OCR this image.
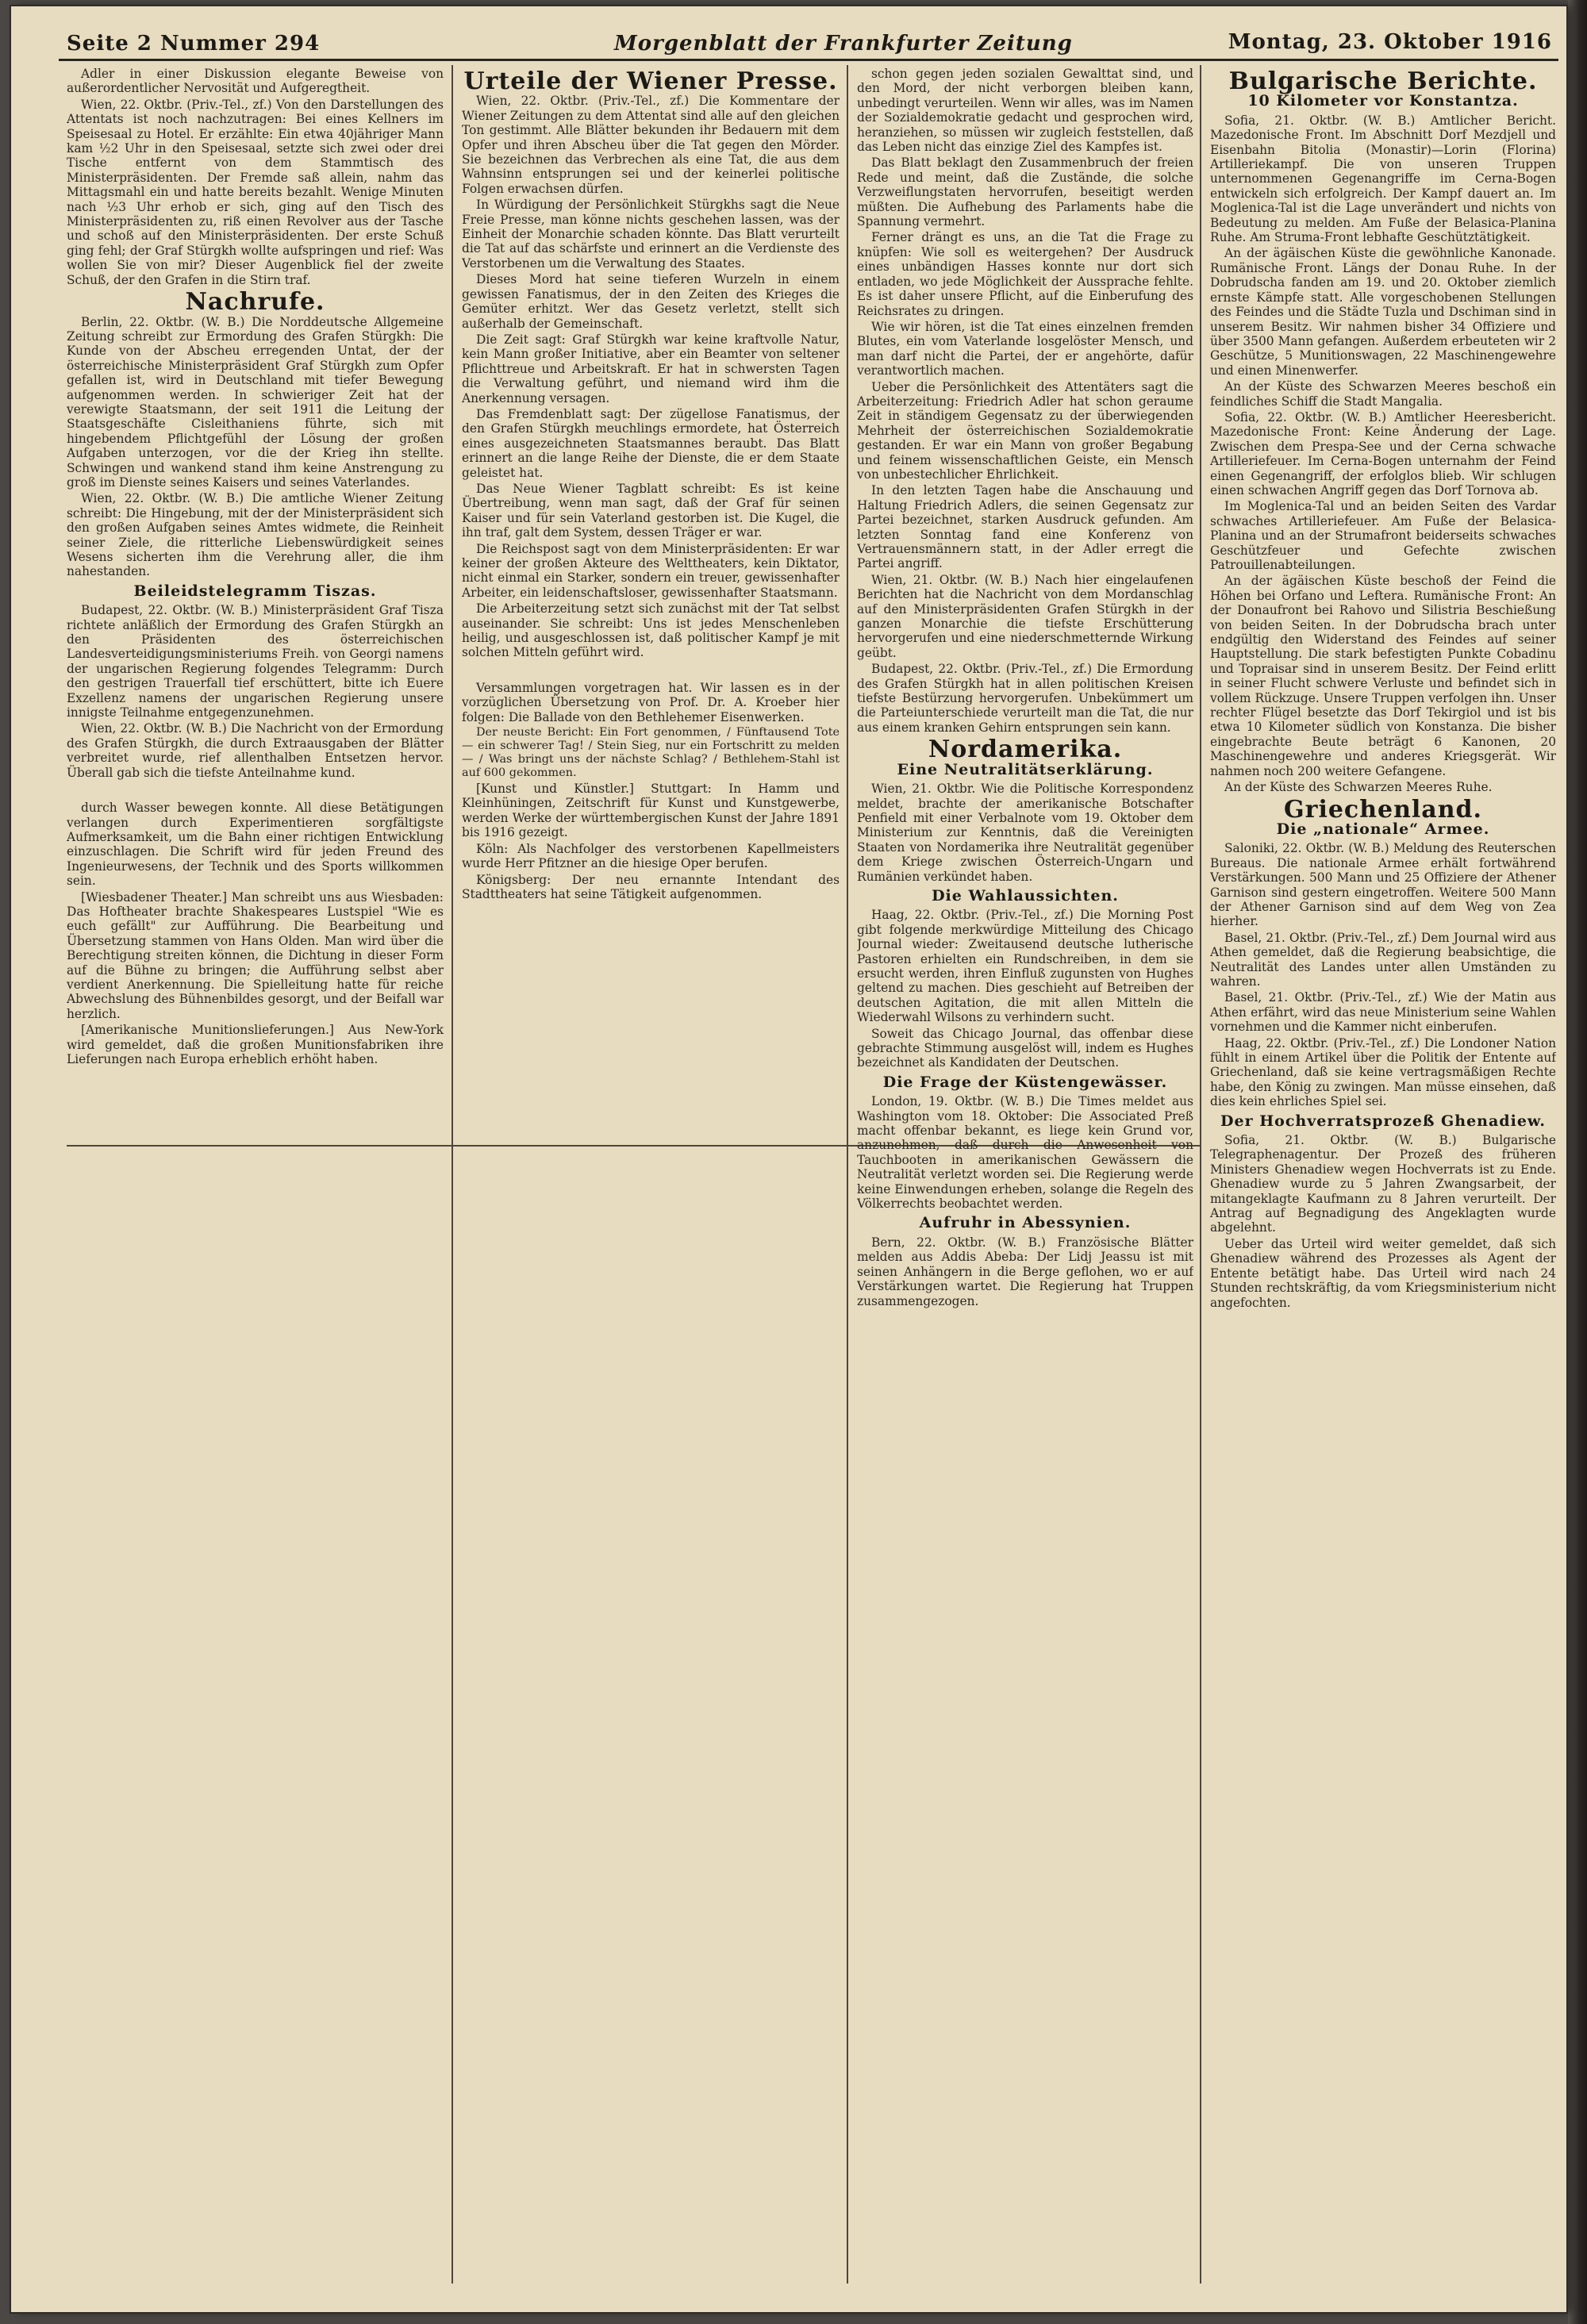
Seite 2 Nummer 294	Morgenblatt der Frankfurter Zeitung	Montag, 23. Oktober 1916

Adler in einer Diskussion elegante Beweise von außerordentlicher Nervosität und Aufgeregtheit.

Wien, 22. Oktbr. (Priv.-Tel., zf.) Von den Darstellungen des Attentats ist noch nachzutragen: Bei eines Kellners im Speisesaal zu Hotel. Er erzählte: Ein etwa 40jähriger Mann kam ½2 Uhr in den Speisesaal, setzte sich zwei oder drei Tische entfernt von dem Stammtisch des Ministerpräsidenten. Der Fremde saß allein, nahm das Mittagsmahl ein und hatte bereits bezahlt. Wenige Minuten nach ½3 Uhr erhob er sich, ging auf den Tisch des Ministerpräsidenten zu, riß einen Revolver aus der Tasche und schoß auf den Ministerpräsidenten. Der erste Schuß ging fehl; der Graf Stürgkh wollte aufspringen und rief: Was wollen Sie von mir? Dieser Augenblick fiel der zweite Schuß, der den Grafen in die Stirn traf.

Nachrufe.

Berlin, 22. Oktbr. (W. B.) Die Norddeutsche Allgemeine Zeitung schreibt zur Ermordung des Grafen Stürgkh: Die Kunde von der Abscheu erregenden Untat, der der österreichische Ministerpräsident Graf Stürgkh zum Opfer gefallen ist, wird in Deutschland mit tiefer Bewegung aufgenommen werden. In schwieriger Zeit hat der verewigte Staatsmann, der seit 1911 die Leitung der Staatsgeschäfte Cisleithaniens führte, sich mit hingebendem Pflichtgefühl der Lösung der großen Aufgaben unterzogen, vor die der Krieg ihn stellte. Schwingen und wankend stand ihm keine Anstrengung zu groß im Dienste seines Kaisers und seines Vaterlandes.

Wien, 22. Oktbr. (W. B.) Die amtliche Wiener Zeitung schreibt: Die Hingebung, mit der der Ministerpräsident sich den großen Aufgaben seines Amtes widmete, die Reinheit seiner Ziele, die ritterliche Liebenswürdigkeit seines Wesens sicherten ihm die Verehrung aller, die ihm nahestanden.

Beileidstelegramm Tiszas.

Budapest, 22. Oktbr. (W. B.) Ministerpräsident Graf Tisza richtete anläßlich der Ermordung des Grafen Stürgkh an den Präsidenten des österreichischen Landesverteidigungsministeriums Freih. von Georgi namens der ungarischen Regierung folgendes Telegramm: Durch den gestrigen Trauerfall tief erschüttert, bitte ich Euere Exzellenz namens der ungarischen Regierung unsere innigste Teilnahme entgegenzunehmen.

Wien, 22. Oktbr. (W. B.) Die Nachricht von der Ermordung des Grafen Stürgkh, die durch Extraausgaben der Blätter verbreitet wurde, rief allenthalben Entsetzen hervor. Überall gab sich die tiefste Anteilnahme kund.

durch Wasser bewegen konnte. All diese Betätigungen verlangen durch Experimentieren sorgfältigste Aufmerksamkeit, um die Bahn einer richtigen Entwicklung einzuschlagen. Die Schrift wird für jeden Freund des Ingenieurwesens, der Technik und des Sports willkommen sein.

[Wiesbadener Theater.] Man schreibt uns aus Wiesbaden: Das Hoftheater brachte Shakespeares Lustspiel "Wie es euch gefällt" zur Aufführung. Die Bearbeitung und Übersetzung stammen von Hans Olden. Man wird über die Berechtigung streiten können, die Dichtung in dieser Form auf die Bühne zu bringen; die Aufführung selbst aber verdient Anerkennung. Die Spielleitung hatte für reiche Abwechslung des Bühnenbildes gesorgt, und der Beifall war herzlich.

[Amerikanische Munitionslieferungen.] Aus New-York wird gemeldet, daß die großen Munitionsfabriken ihre Lieferungen nach Europa erheblich erhöht haben.

Urteile der Wiener Presse.

Wien, 22. Oktbr. (Priv.-Tel., zf.) Die Kommentare der Wiener Zeitungen zu dem Attentat sind alle auf den gleichen Ton gestimmt. Alle Blätter bekunden ihr Bedauern mit dem Opfer und ihren Abscheu über die Tat gegen den Mörder. Sie bezeichnen das Verbrechen als eine Tat, die aus dem Wahnsinn entsprungen sei und der keinerlei politische Folgen erwachsen dürfen.

In Würdigung der Persönlichkeit Stürgkhs sagt die Neue Freie Presse, man könne nichts geschehen lassen, was der Einheit der Monarchie schaden könnte. Das Blatt verurteilt die Tat auf das schärfste und erinnert an die Verdienste des Verstorbenen um die Verwaltung des Staates.

Dieses Mord hat seine tieferen Wurzeln in einem gewissen Fanatismus, der in den Zeiten des Krieges die Gemüter erhitzt. Wer das Gesetz verletzt, stellt sich außerhalb der Gemeinschaft.

Die Zeit sagt: Graf Stürgkh war keine kraftvolle Natur, kein Mann großer Initiative, aber ein Beamter von seltener Pflichttreue und Arbeitskraft. Er hat in schwersten Tagen die Verwaltung geführt, und niemand wird ihm die Anerkennung versagen.

Das Fremdenblatt sagt: Der zügellose Fanatismus, der den Grafen Stürgkh meuchlings ermordete, hat Österreich eines ausgezeichneten Staatsmannes beraubt. Das Blatt erinnert an die lange Reihe der Dienste, die er dem Staate geleistet hat.

Das Neue Wiener Tagblatt schreibt: Es ist keine Übertreibung, wenn man sagt, daß der Graf für seinen Kaiser und für sein Vaterland gestorben ist. Die Kugel, die ihn traf, galt dem System, dessen Träger er war.

Die Reichspost sagt von dem Ministerpräsidenten: Er war keiner der großen Akteure des Welttheaters, kein Diktator, nicht einmal ein Starker, sondern ein treuer, gewissenhafter Arbeiter, ein leidenschaftsloser, gewissenhafter Staatsmann.

Die Arbeiterzeitung setzt sich zunächst mit der Tat selbst auseinander. Sie schreibt: Uns ist jedes Menschenleben heilig, und ausgeschlossen ist, daß politischer Kampf je mit solchen Mitteln geführt wird.

Versammlungen vorgetragen hat. Wir lassen es in der vorzüglichen Übersetzung von Prof. Dr. A. Kroeber hier folgen: Die Ballade von den Bethlehemer Eisenwerken.

Der neuste Bericht: Ein Fort genommen, / Fünftausend Tote — ein schwerer Tag! / Stein Sieg, nur ein Fortschritt zu melden — / Was bringt uns der nächste Schlag? / Bethlehem-Stahl ist auf 600 gekommen.

[Kunst und Künstler.] Stuttgart: In Hamm und Kleinhüningen, Zeitschrift für Kunst und Kunstgewerbe, werden Werke der württembergischen Kunst der Jahre 1891 bis 1916 gezeigt.

Köln: Als Nachfolger des verstorbenen Kapellmeisters wurde Herr Pfitzner an die hiesige Oper berufen.

Königsberg: Der neu ernannte Intendant des Stadttheaters hat seine Tätigkeit aufgenommen.

schon gegen jeden sozialen Gewalttat sind, und den Mord, der nicht verborgen bleiben kann, unbedingt verurteilen. Wenn wir alles, was im Namen der Sozialdemokratie gedacht und gesprochen wird, heranziehen, so müssen wir zugleich feststellen, daß das Leben nicht das einzige Ziel des Kampfes ist.

Das Blatt beklagt den Zusammenbruch der freien Rede und meint, daß die Zustände, die solche Verzweiflungstaten hervorrufen, beseitigt werden müßten. Die Aufhebung des Parlaments habe die Spannung vermehrt.

Ferner drängt es uns, an die Tat die Frage zu knüpfen: Wie soll es weitergehen? Der Ausdruck eines unbändigen Hasses konnte nur dort sich entladen, wo jede Möglichkeit der Aussprache fehlte. Es ist daher unsere Pflicht, auf die Einberufung des Reichsrates zu dringen.

Wie wir hören, ist die Tat eines einzelnen fremden Blutes, ein vom Vaterlande losgelöster Mensch, und man darf nicht die Partei, der er angehörte, dafür verantwortlich machen.

Ueber die Persönlichkeit des Attentäters sagt die Arbeiterzeitung: Friedrich Adler hat schon geraume Zeit in ständigem Gegensatz zu der überwiegenden Mehrheit der österreichischen Sozialdemokratie gestanden. Er war ein Mann von großer Begabung und feinem wissenschaftlichen Geiste, ein Mensch von unbestechlicher Ehrlichkeit.

In den letzten Tagen habe die Anschauung und Haltung Friedrich Adlers, die seinen Gegensatz zur Partei bezeichnet, starken Ausdruck gefunden. Am letzten Sonntag fand eine Konferenz von Vertrauensmännern statt, in der Adler erregt die Partei angriff.

Wien, 21. Oktbr. (W. B.) Nach hier eingelaufenen Berichten hat die Nachricht von dem Mordanschlag auf den Ministerpräsidenten Grafen Stürgkh in der ganzen Monarchie die tiefste Erschütterung hervorgerufen und eine niederschmetternde Wirkung geübt.

Budapest, 22. Oktbr. (Priv.-Tel., zf.) Die Ermordung des Grafen Stürgkh hat in allen politischen Kreisen tiefste Bestürzung hervorgerufen. Unbekümmert um die Parteiunterschiede verurteilt man die Tat, die nur aus einem kranken Gehirn entsprungen sein kann.

Nordamerika.
Eine Neutralitätserklärung.

Wien, 21. Oktbr. Wie die Politische Korrespondenz meldet, brachte der amerikanische Botschafter Penfield mit einer Verbalnote vom 19. Oktober dem Ministerium zur Kenntnis, daß die Vereinigten Staaten von Nordamerika ihre Neutralität gegenüber dem Kriege zwischen Österreich-Ungarn und Rumänien verkündet haben.

Die Wahlaussichten.

Haag, 22. Oktbr. (Priv.-Tel., zf.) Die Morning Post gibt folgende merkwürdige Mitteilung des Chicago Journal wieder: Zweitausend deutsche lutherische Pastoren erhielten ein Rundschreiben, in dem sie ersucht werden, ihren Einfluß zugunsten von Hughes geltend zu machen. Dies geschieht auf Betreiben der deutschen Agitation, die mit allen Mitteln die Wiederwahl Wilsons zu verhindern sucht.

Soweit das Chicago Journal, das offenbar diese gebrachte Stimmung ausgelöst will, indem es Hughes bezeichnet als Kandidaten der Deutschen.

Die Frage der Küstengewässer.

London, 19. Oktbr. (W. B.) Die Times meldet aus Washington vom 18. Oktober: Die Associated Preß macht offenbar bekannt, es liege kein Grund vor, anzunehmen, daß durch die Anwesenheit von Tauchbooten in amerikanischen Gewässern die Neutralität verletzt worden sei. Die Regierung werde keine Einwendungen erheben, solange die Regeln des Völkerrechts beobachtet werden.

Aufruhr in Abessynien.

Bern, 22. Oktbr. (W. B.) Französische Blätter melden aus Addis Abeba: Der Lidj Jeassu ist mit seinen Anhängern in die Berge geflohen, wo er auf Verstärkungen wartet. Die Regierung hat Truppen zusammengezogen.

Bulgarische Berichte.
10 Kilometer vor Konstantza.

Sofia, 21. Oktbr. (W. B.) Amtlicher Bericht. Mazedonische Front. Im Abschnitt Dorf Mezdjell und Eisenbahn Bitolia (Monastir)—Lorin (Florina) Artilleriekampf. Die von unseren Truppen unternommenen Gegenangriffe im Cerna-Bogen entwickeln sich erfolgreich. Der Kampf dauert an. Im Moglenica-Tal ist die Lage unverändert und nichts von Bedeutung zu melden. Am Fuße der Belasica-Planina Ruhe. Am Struma-Front lebhafte Geschütztätigkeit.

An der ägäischen Küste die gewöhnliche Kanonade. Rumänische Front. Längs der Donau Ruhe. In der Dobrudscha fanden am 19. und 20. Oktober ziemlich ernste Kämpfe statt. Alle vorgeschobenen Stellungen des Feindes und die Städte Tuzla und Dschiman sind in unserem Besitz. Wir nahmen bisher 34 Offiziere und über 3500 Mann gefangen. Außerdem erbeuteten wir 2 Geschütze, 5 Munitionswagen, 22 Maschinengewehre und einen Minenwerfer.

An der Küste des Schwarzen Meeres beschoß ein feindliches Schiff die Stadt Mangalia.

Sofia, 22. Oktbr. (W. B.) Amtlicher Heeresbericht. Mazedonische Front: Keine Änderung der Lage. Zwischen dem Prespa-See und der Cerna schwache Artilleriefeuer. Im Cerna-Bogen unternahm der Feind einen Gegenangriff, der erfolglos blieb. Wir schlugen einen schwachen Angriff gegen das Dorf Tornova ab.

Im Moglenica-Tal und an beiden Seiten des Vardar schwaches Artilleriefeuer. Am Fuße der Belasica-Planina und an der Strumafront beiderseits schwaches Geschützfeuer und Gefechte zwischen Patrouillenabteilungen.

An der ägäischen Küste beschoß der Feind die Höhen bei Orfano und Leftera. Rumänische Front: An der Donaufront bei Rahovo und Silistria Beschießung von beiden Seiten. In der Dobrudscha brach unter endgültig den Widerstand des Feindes auf seiner Hauptstellung. Die stark befestigten Punkte Cobadinu und Topraisar sind in unserem Besitz. Der Feind erlitt in seiner Flucht schwere Verluste und befindet sich in vollem Rückzuge. Unsere Truppen verfolgen ihn. Unser rechter Flügel besetzte das Dorf Tekirgiol und ist bis etwa 10 Kilometer südlich von Konstanza. Die bisher eingebrachte Beute beträgt 6 Kanonen, 20 Maschinengewehre und anderes Kriegsgerät. Wir nahmen noch 200 weitere Gefangene.

An der Küste des Schwarzen Meeres Ruhe.

Griechenland.
Die „nationale“ Armee.

Saloniki, 22. Oktbr. (W. B.) Meldung des Reuterschen Bureaus. Die nationale Armee erhält fortwährend Verstärkungen. 500 Mann und 25 Offiziere der Athener Garnison sind gestern eingetroffen. Weitere 500 Mann der Athener Garnison sind auf dem Weg von Zea hierher.

Basel, 21. Oktbr. (Priv.-Tel., zf.) Dem Journal wird aus Athen gemeldet, daß die Regierung beabsichtige, die Neutralität des Landes unter allen Umständen zu wahren.

Basel, 21. Oktbr. (Priv.-Tel., zf.) Wie der Matin aus Athen erfährt, wird das neue Ministerium seine Wahlen vornehmen und die Kammer nicht einberufen.

Haag, 22. Oktbr. (Priv.-Tel., zf.) Die Londoner Nation fühlt in einem Artikel über die Politik der Entente auf Griechenland, daß sie keine vertragsmäßigen Rechte habe, den König zu zwingen. Man müsse einsehen, daß dies kein ehrliches Spiel sei.

Der Hochverratsprozeß Ghenadiew.

Sofia, 21. Oktbr. (W. B.) Bulgarische Telegraphenagentur. Der Prozeß des früheren Ministers Ghenadiew wegen Hochverrats ist zu Ende. Ghenadiew wurde zu 5 Jahren Zwangsarbeit, der mitangeklagte Kaufmann zu 8 Jahren verurteilt. Der Antrag auf Begnadigung des Angeklagten wurde abgelehnt.

Ueber das Urteil wird weiter gemeldet, daß sich Ghenadiew während des Prozesses als Agent der Entente betätigt habe. Das Urteil wird nach 24 Stunden rechtskräftig, da vom Kriegsministerium nicht angefochten.
